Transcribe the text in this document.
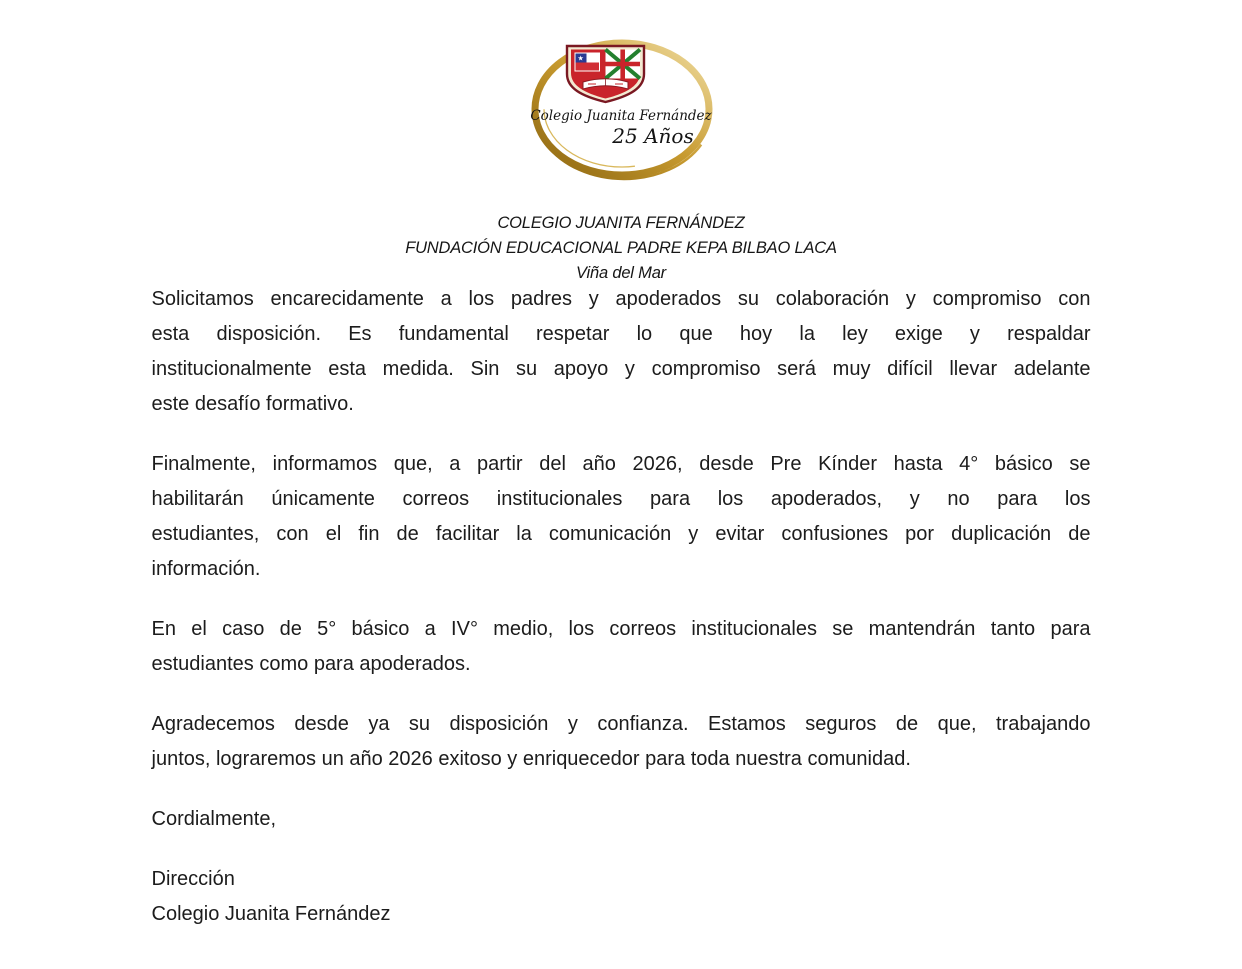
★
Colegio Juanita Fernández
25 Años
COLEGIO JUANITA FERNÁNDEZ
FUNDACIÓN EDUCACIONAL PADRE KEPA BILBAO LACA
Viña del Mar
Solicitamos encarecidamente a los padres y apoderados su colaboración y compromiso con
esta disposición. Es fundamental respetar lo que hoy la ley exige y respaldar
institucionalmente esta medida. Sin su apoyo y compromiso será muy difícil llevar adelante
este desafío formativo.
Finalmente, informamos que, a partir del año 2026, desde Pre Kínder hasta 4° básico se
habilitarán únicamente correos institucionales para los apoderados, y no para los
estudiantes, con el fin de facilitar la comunicación y evitar confusiones por duplicación de
información.
En el caso de 5° básico a IV° medio, los correos institucionales se mantendrán tanto para
estudiantes como para apoderados.
Agradecemos desde ya su disposición y confianza. Estamos seguros de que, trabajando
juntos, lograremos un año 2026 exitoso y enriquecedor para toda nuestra comunidad.
Cordialmente,
Dirección
Colegio Juanita Fernández
